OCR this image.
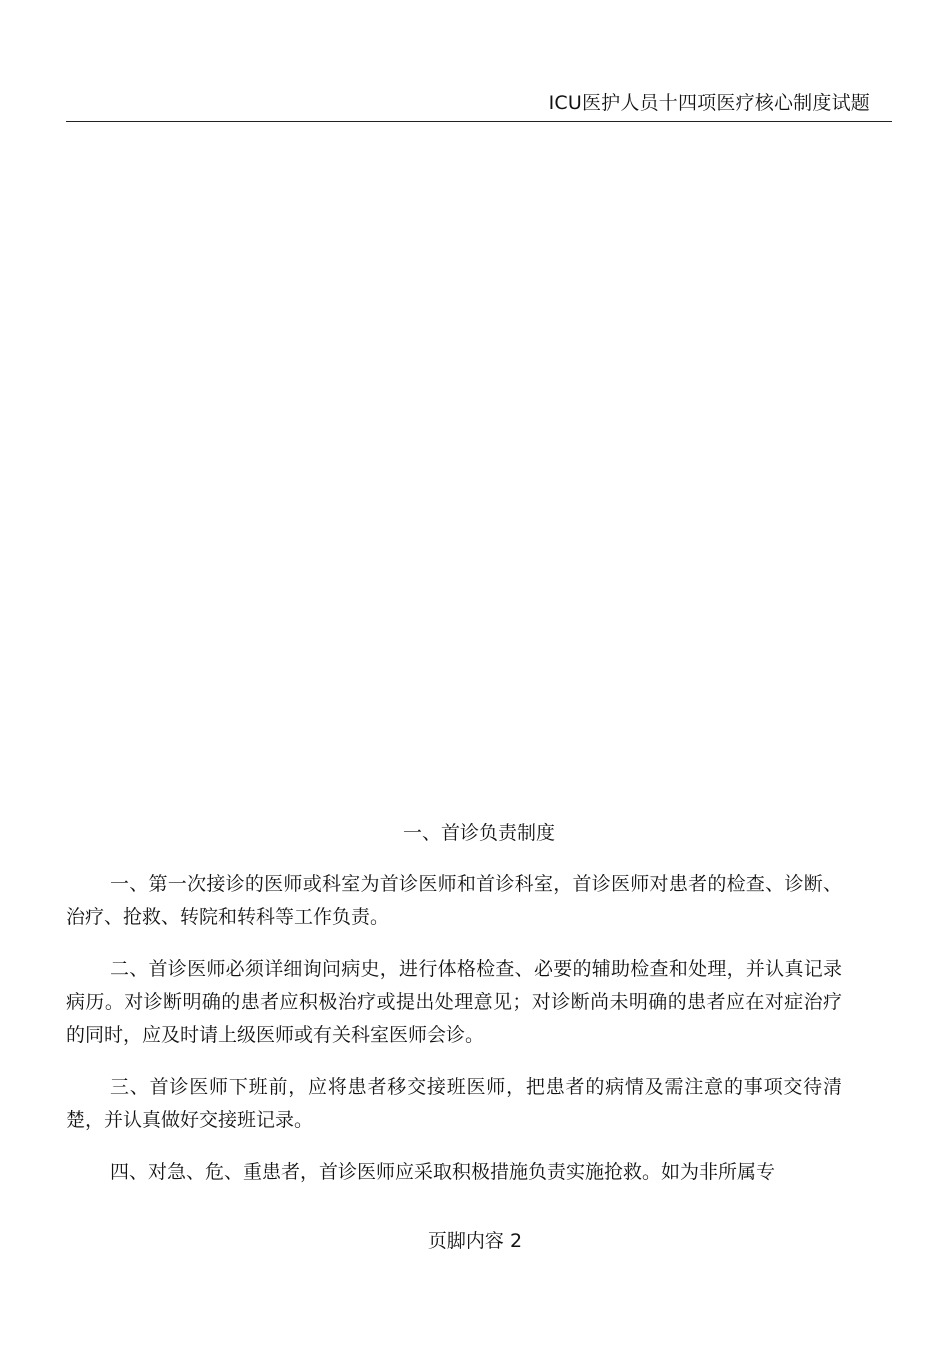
ICU医护人员十四项医疗核心制度试题
一、首诊负责制度

一、第一次接诊的医师或科室为首诊医师和首诊科室，首诊医师对患者的检查、诊断、治疗、抢救、转院和转科等工作负责。

二、首诊医师必须详细询问病史，进行体格检查、必要的辅助检查和处理，并认真记录病历。对诊断明确的患者应积极治疗或提出处理意见；对诊断尚未明确的患者应在对症治疗的同时，应及时请上级医师或有关科室医师会诊。

三、首诊医师下班前，应将患者移交接班医师，把患者的病情及需注意的事项交待清楚，并认真做好交接班记录。

四、对急、危、重患者，首诊医师应采取积极措施负责实施抢救。如为非所属专

页脚内容 2
